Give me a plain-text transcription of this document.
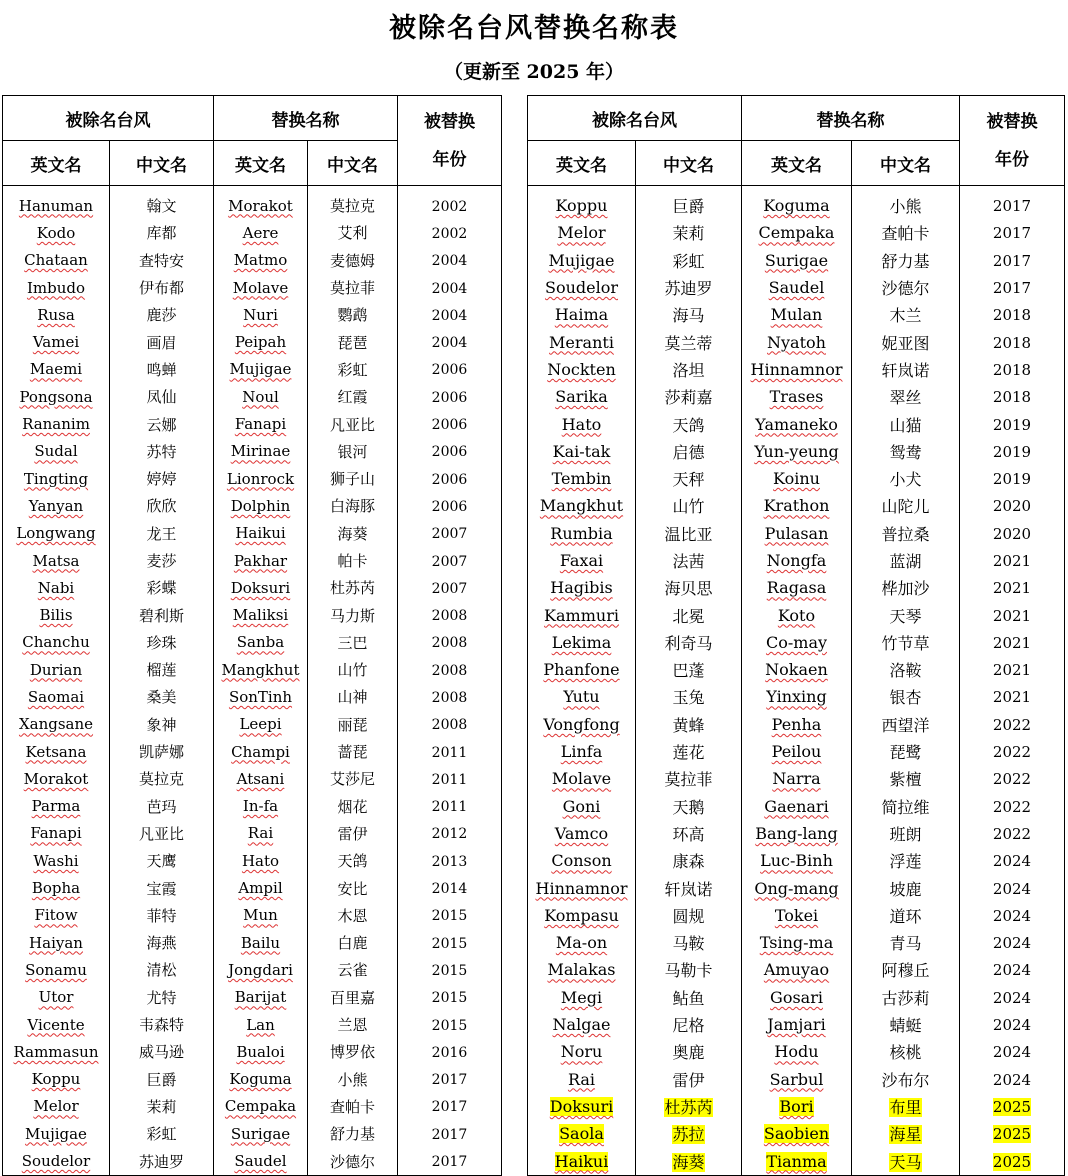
被除名台风替换名称表
（更新至 2025 年）
被除名台风		替换名称		被替换
年份
英文名	中文名	英文名	中文名	
Hanuman	翰文	Morakot	莫拉克	2002
Kodo	库都	Aere	艾利	2002
Chataan	查特安	Matmo	麦德姆	2004
Imbudo	伊布都	Molave	莫拉菲	2004
Rusa	鹿莎	Nuri	鹦鹉	2004
Vamei	画眉	Peipah	琵琶	2004
Maemi	鸣蝉	Mujigae	彩虹	2006
Pongsona	凤仙	Noul	红霞	2006
Rananim	云娜	Fanapi	凡亚比	2006
Sudal	苏特	Mirinae	银河	2006
Tingting	婷婷	Lionrock	狮子山	2006
Yanyan	欣欣	Dolphin	白海豚	2006
Longwang	龙王	Haikui	海葵	2007
Matsa	麦莎	Pakhar	帕卡	2007
Nabi	彩蝶	Doksuri	杜苏芮	2007
Bilis	碧利斯	Maliksi	马力斯	2008
Chanchu	珍珠	Sanba	三巴	2008
Durian	榴莲	Mangkhut	山竹	2008
Saomai	桑美	SonTinh	山神	2008
Xangsane	象神	Leepi	丽琵	2008
Ketsana	凯萨娜	Champi	蔷琵	2011
Morakot	莫拉克	Atsani	艾莎尼	2011
Parma	芭玛	In-fa	烟花	2011
Fanapi	凡亚比	Rai	雷伊	2012
Washi	天鹰	Hato	天鸽	2013
Bopha	宝霞	Ampil	安比	2014
Fitow	菲特	Mun	木恩	2015
Haiyan	海燕	Bailu	白鹿	2015
Sonamu	清松	Jongdari	云雀	2015
Utor	尤特	Barijat	百里嘉	2015
Vicente	韦森特	Lan	兰恩	2015
Rammasun	威马逊	Bualoi	博罗依	2016
Koppu	巨爵	Koguma	小熊	2017
Melor	茉莉	Cempaka	查帕卡	2017
Mujigae	彩虹	Surigae	舒力基	2017
Soudelor	苏迪罗	Saudel	沙德尔	2017
被除名台风		替换名称		被替换
年份
英文名	中文名	英文名	中文名	
Koppu	巨爵	Koguma	小熊	2017
Melor	茉莉	Cempaka	查帕卡	2017
Mujigae	彩虹	Surigae	舒力基	2017
Soudelor	苏迪罗	Saudel	沙德尔	2017
Haima	海马	Mulan	木兰	2018
Meranti	莫兰蒂	Nyatoh	妮亚图	2018
Nockten	洛坦	Hinnamnor	轩岚诺	2018
Sarika	莎莉嘉	Trases	翠丝	2018
Hato	天鸽	Yamaneko	山猫	2019
Kai-tak	启德	Yun-yeung	鸳鸯	2019
Tembin	天秤	Koinu	小犬	2019
Mangkhut	山竹	Krathon	山陀儿	2020
Rumbia	温比亚	Pulasan	普拉桑	2020
Faxai	法茜	Nongfa	蓝湖	2021
Hagibis	海贝思	Ragasa	桦加沙	2021
Kammuri	北冕	Koto	天琴	2021
Lekima	利奇马	Co-may	竹节草	2021
Phanfone	巴蓬	Nokaen	洛鞍	2021
Yutu	玉兔	Yinxing	银杏	2021
Vongfong	黄蜂	Penha	西望洋	2022
Linfa	莲花	Peilou	琵鹭	2022
Molave	莫拉菲	Narra	紫檀	2022
Goni	天鹅	Gaenari	简拉维	2022
Vamco	环高	Bang-lang	班朗	2022
Conson	康森	Luc-Binh	浮莲	2024
Hinnamnor	轩岚诺	Ong-mang	坡鹿	2024
Kompasu	圆规	Tokei	道环	2024
Ma-on	马鞍	Tsing-ma	青马	2024
Malakas	马勒卡	Amuyao	阿穆丘	2024
Megi	鲇鱼	Gosari	古莎莉	2024
Nalgae	尼格	Jamjari	蜻蜓	2024
Noru	奥鹿	Hodu	核桃	2024
Rai	雷伊	Sarbul	沙布尔	2024
Doksuri	杜苏芮	Bori	布里	2025
Saola	苏拉	Saobien	海星	2025
Haikui	海葵	Tianma	天马	2025
